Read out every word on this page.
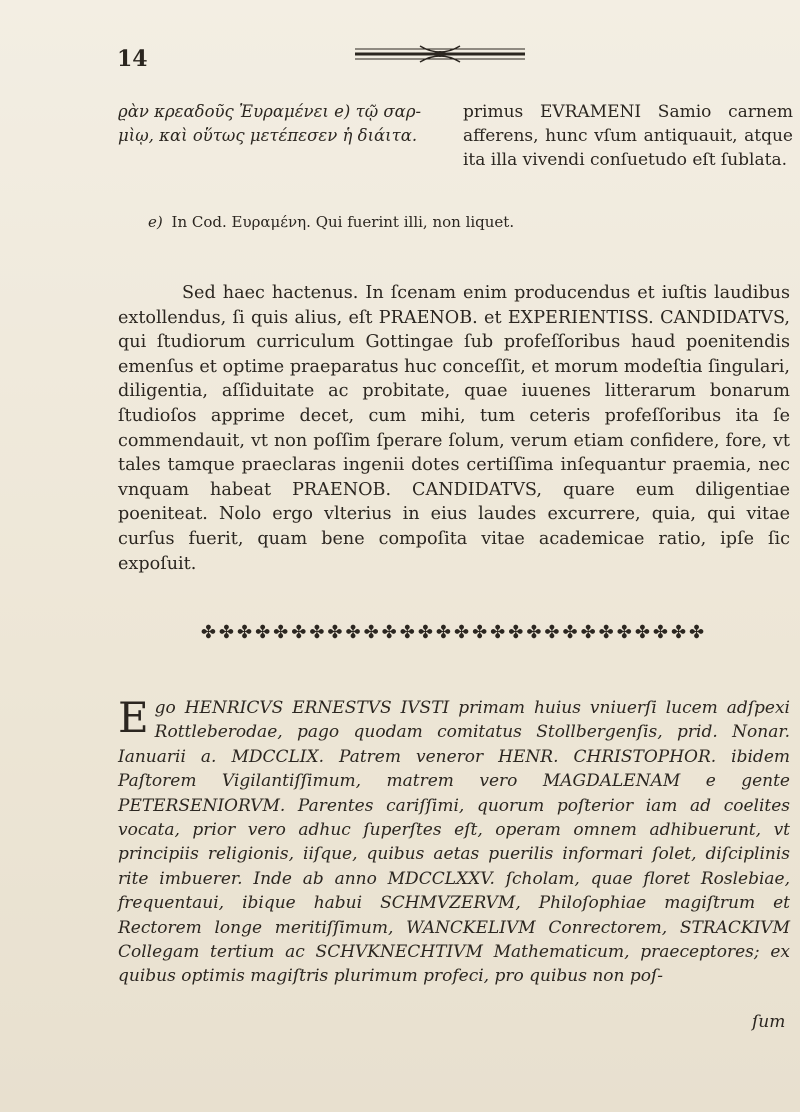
14
ϱὰν κρεαδοῦς Ἐυραμένει e) τῷ σαρ-μὶῳ, καὶ οὕτως μετέπεσεν ἡ διάιτα.
primus EVRAMENI Samio carnem afferens, hunc vſum antiquauit, atque ita illa vivendi conſuetudo eſt ſublata.
e) In Cod. Ευραμένη. Qui fuerint illi, non liquet.

Sed haec hactenus. In ſcenam enim producendus et iuſtis laudibus extollendus, ſi quis alius, eſt PRAENOB. et EXPERIENTISS. CANDIDATVS, qui ſtudiorum curriculum Gottingae ſub profeſſoribus haud poenitendis emenſus et optime praeparatus huc conceſſit, et morum modeſtia ſingulari, diligentia, aſſiduitate ac probitate, quae iuuenes litterarum bonarum ſtudioſos apprime decet, cum mihi, tum ceteris profeſſoribus ita ſe commendauit, vt non poſſim ſperare ſolum, verum etiam confidere, fore, vt tales tamque praeclaras ingenii dotes certiſſima inſequantur praemia, nec vnquam habeat PRAENOB. CANDIDATVS, quare eum diligentiae poeniteat. Nolo ergo vlterius in eius laudes excurrere, quia, qui vitae curſus fuerit, quam bene compoſita vitae academicae ratio, ipſe ſic expoſuit.

✤✤✤✤✤✤✤✤✤✤✤✤✤✤✤✤✤✤✤✤✤✤✤✤✤✤✤✤

Ego HENRICVS ERNESTVS IVSTI primam huius vniuerſi lucem adſpexi Rottleberodae, pago quodam comitatus Stollbergenſis, prid. Nonar. Ianuarii a. MDCCLIX. Patrem veneror HENR. CHRISTOPHOR. ibidem Paſtorem Vigilantiſſimum, matrem vero MAGDALENAM e gente PETERSENIORVM. Parentes cariſſimi, quorum poſterior iam ad coelites vocata, prior vero adhuc ſuperſtes eſt, operam omnem adhibuerunt, vt principiis religionis, iiſque, quibus aetas puerilis informari ſolet, diſciplinis rite imbuerer. Inde ab anno MDCCLXXV. ſcholam, quae floret Roslebiae, frequentaui, ibique habui SCHMVZERVM, Philoſophiae magiſtrum et Rectorem longe meritiſſimum, WANCKELIVM Conrectorem, STRACKIVM Collegam tertium ac SCHVKNECHTIVM Mathematicum, praeceptores; ex quibus optimis magiſtris plurimum profeci, pro quibus non poſ-

ſum
